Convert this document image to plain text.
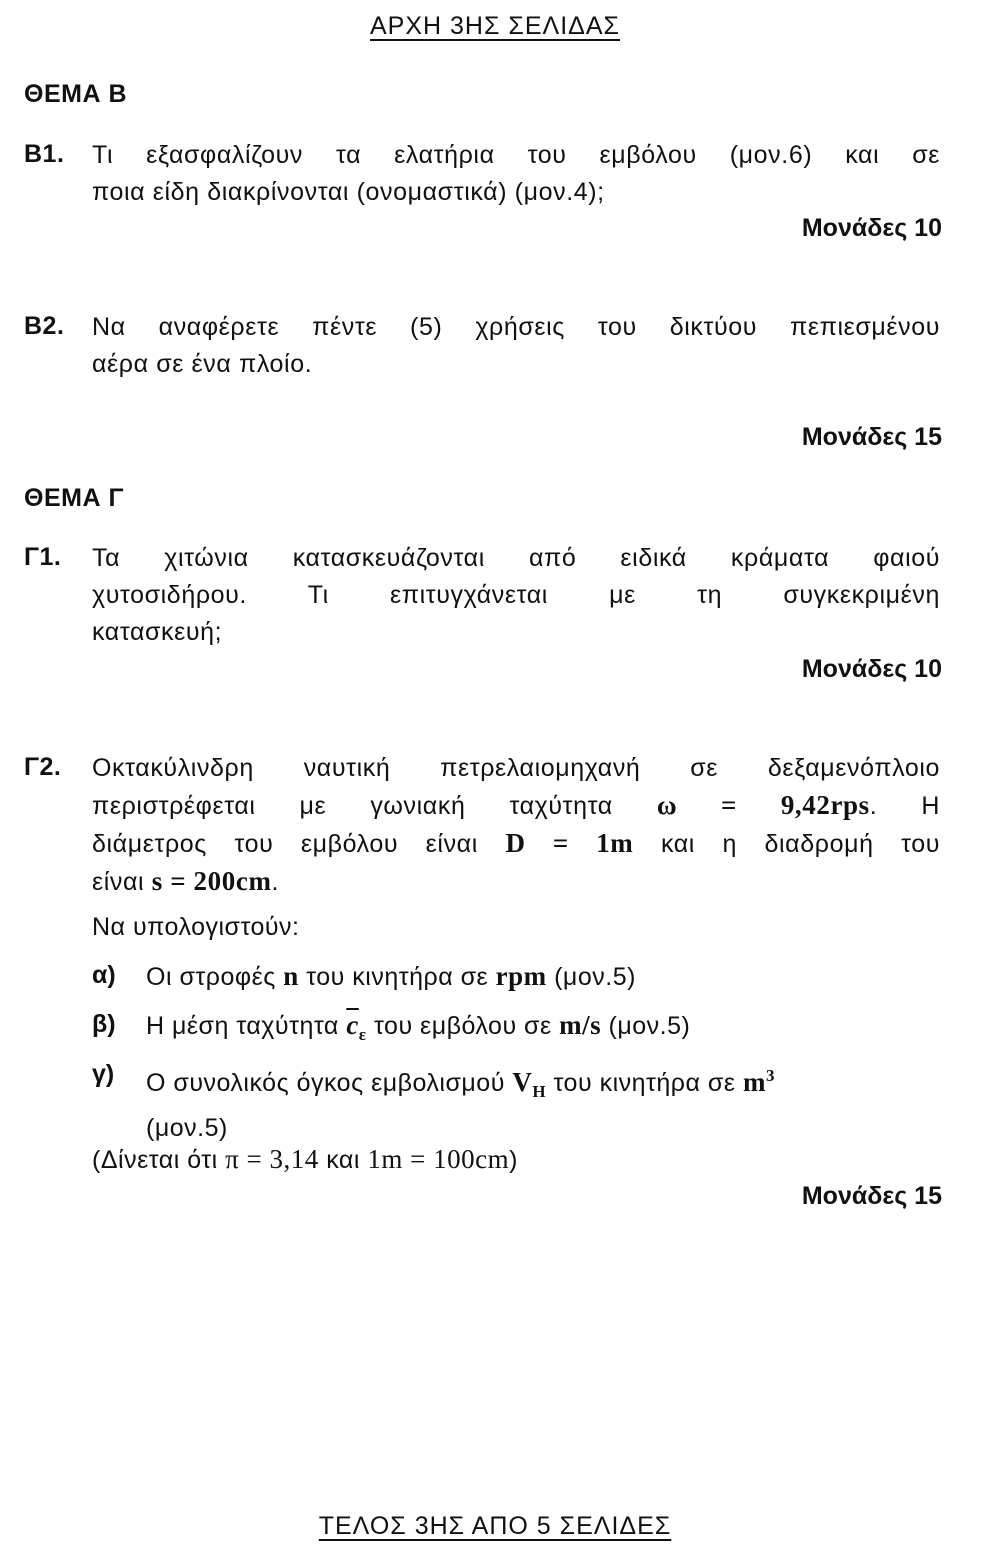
ΑΡΧΗ 3ΗΣ ΣΕΛΙΔΑΣ
ΘΕΜΑ Β
Β1. Τι εξασφαλίζουν τα ελατήρια του εμβόλου (μον.6) και σε
ποια είδη διακρίνονται (ονομαστικά) (μον.4);
Μονάδες 10
Β2. Να αναφέρετε πέντε (5) χρήσεις του δικτύου πεπιεσμένου
αέρα σε ένα πλοίο.
Μονάδες 15
ΘΕΜΑ Γ
Γ1. Τα χιτώνια κατασκευάζονται από ειδικά κράματα φαιού
χυτοσιδήρου. Τι επιτυγχάνεται με τη συγκεκριμένη
κατασκευή;
Μονάδες 10
Γ2. Οκτακύλινδρη ναυτική πετρελαιομηχανή σε δεξαμενόπλοιο
περιστρέφεται με γωνιακή ταχύτητα ω = 9,42rps. Η
διάμετρος του εμβόλου είναι D = 1m και η διαδρομή του
είναι s = 200cm.
Να υπολογιστούν:
α) Οι στροφές n του κινητήρα σε rpm (μον.5)
β) Η μέση ταχύτητα $\overline{c}_\varepsilon$ του εμβόλου σε m/s (μον.5)
γ) Ο συνολικός όγκος εμβολισμού $V_H$ του κινητήρα σε $m^3$
(μον.5)
(Δίνεται ότι π = 3,14 και 1m = 100cm)
Μονάδες 15
ΤΕΛΟΣ 3ΗΣ ΑΠΟ 5 ΣΕΛΙΔΕΣ
